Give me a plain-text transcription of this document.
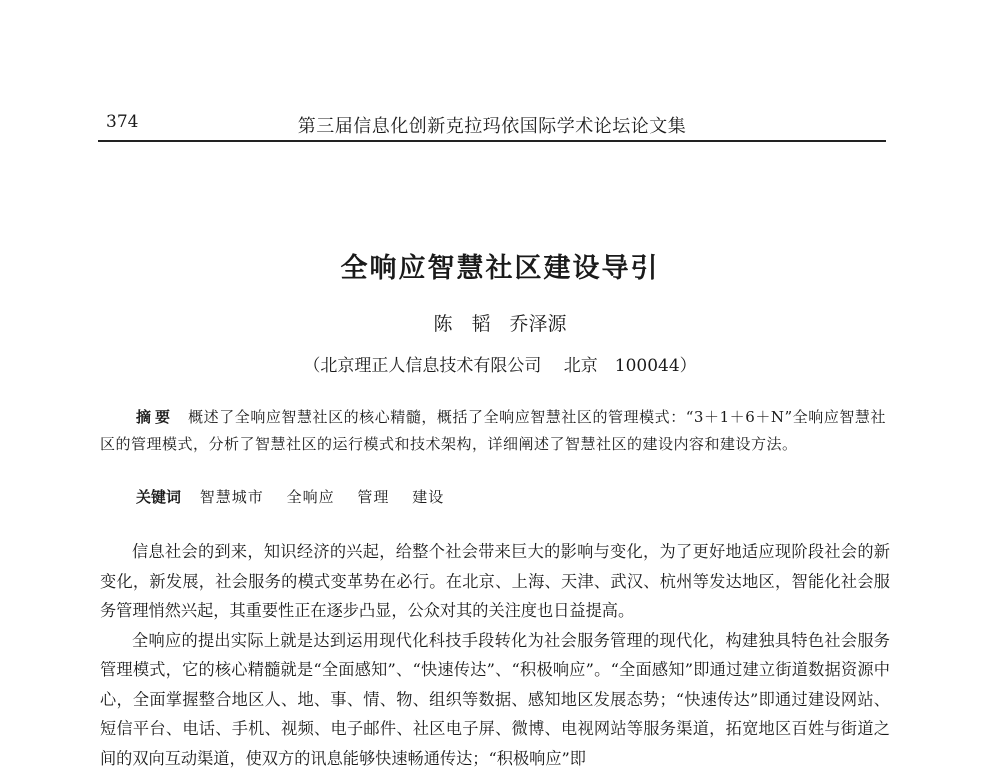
374	第三届信息化创新克拉玛依国际学术论坛论文集
全响应智慧社区建设导引
陈　韬　乔泽源
（北京理正人信息技术有限公司　 北京　100044）
摘要 概述了全响应智慧社区的核心精髓，概括了全响应智慧社区的管理模式：“3＋1＋6＋N”全响应智慧社区的管理模式，分析了智慧社区的运行模式和技术架构，详细阐述了智慧社区的建设内容和建设方法。
关键词 智慧城市 全响应 管理 建设

信息社会的到来，知识经济的兴起，给整个社会带来巨大的影响与变化，为了更好地适应现阶段社会的新变化，新发展，社会服务的模式变革势在必行。在北京、上海、天津、武汉、杭州等发达地区，智能化社会服务管理悄然兴起，其重要性正在逐步凸显，公众对其的关注度也日益提高。

全响应的提出实际上就是达到运用现代化科技手段转化为社会服务管理的现代化，构建独具特色社会服务管理模式，它的核心精髓就是“全面感知”、“快速传达”、“积极响应”。“全面感知”即通过建立街道数据资源中心，全面掌握整合地区人、地、事、情、物、组织等数据、感知地区发展态势；“快速传达”即通过建设网站、短信平台、电话、手机、视频、电子邮件、社区电子屏、微博、电视网站等服务渠道，拓宽地区百姓与街道之间的双向互动渠道，使双方的讯息能够快速畅通传达；“积极响应”即
